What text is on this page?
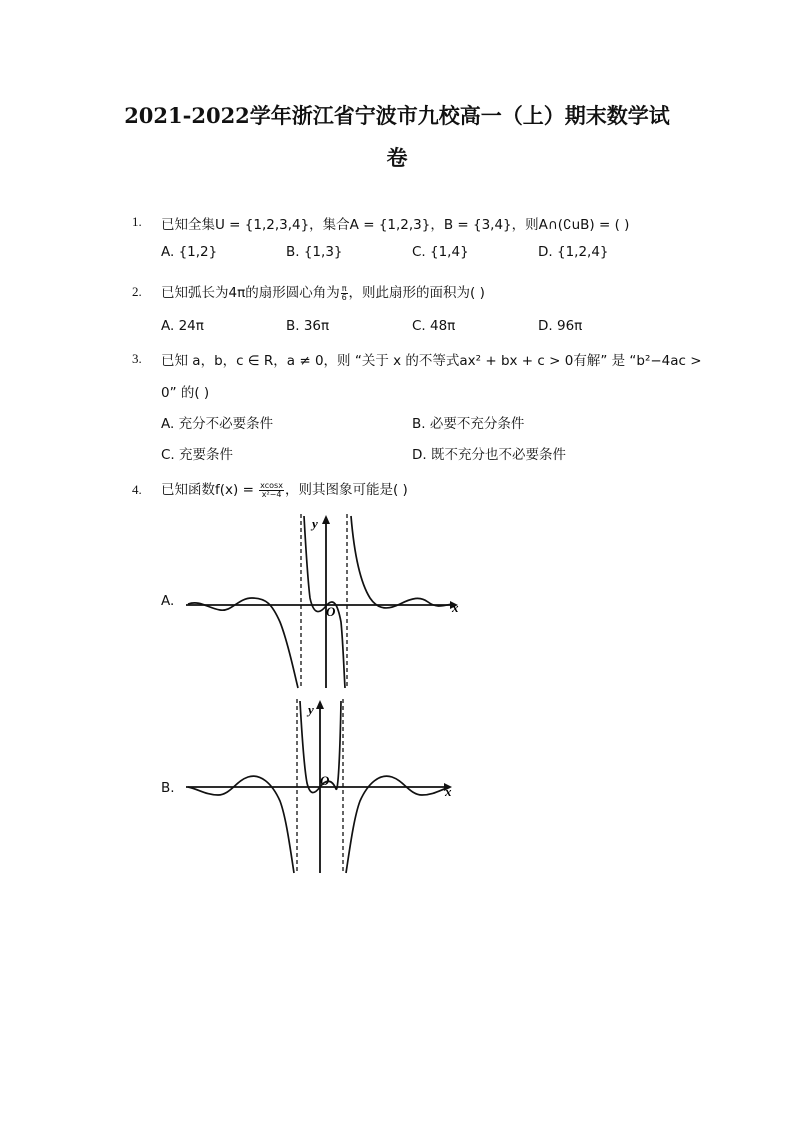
2021-2022学年浙江省宁波市九校高一（上）期末数学试
卷
1. 已知全集U = {1,2,3,4}，集合A = {1,2,3}，B = {3,4}，则A∩(∁uB) = ( )
A. {1,2}	B. {1,3}	C. {1,4}	D. {1,2,4}
2. 已知弧长为4π的扇形圆心角为 $\frac{\pi}{6}$ ，则此扇形的面积为( )
A. 24π	B. 36π	C. 48π	D. 96π
3. 已知 a，b，c ∈ R，a ≠ 0，则 “关于 x 的不等式ax² + bx + c > 0有解” 是 “b²−4ac >
0” 的( )
A. 充分不必要条件	B. 必要不充分条件
C. 充要条件	D. 既不充分也不必要条件
4. 已知函数$f(x) = \frac{xcosx}{\text{x²−4}}$ ，则其图象可能是( )
A.
y
x
O
B.
y
x
O
